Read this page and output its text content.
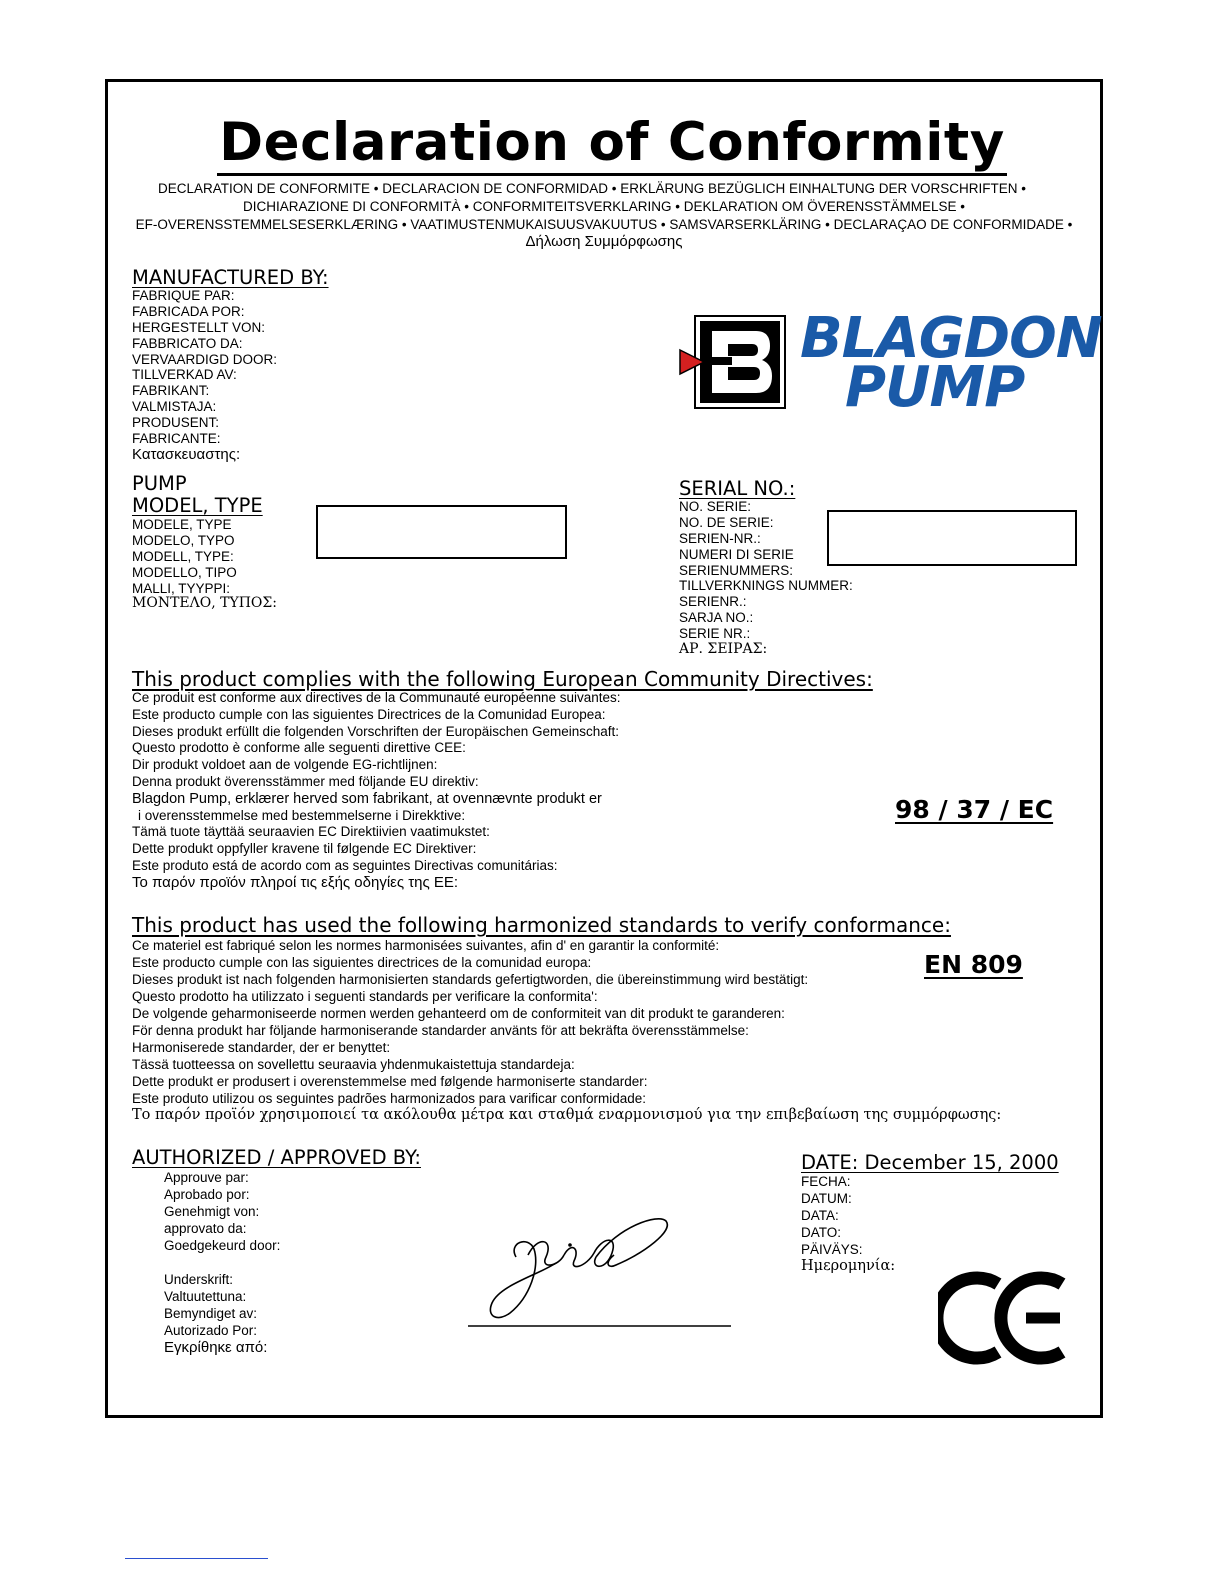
Declaration of Conformity
DECLARATION DE CONFORMITE • DECLARACION DE CONFORMIDAD • ERKLÄRUNG BEZÜGLICH EINHALTUNG DER VORSCHRIFTEN •
DICHIARAZIONE DI CONFORMITÀ • CONFORMITEITSVERKLARING • DEKLARATION OM ÖVERENSSTÄMMELSE •
EF-OVERENSSTEMMELSESERKLÆRING • VAATIMUSTENMUKAISUUSVAKUUTUS • SAMSVARSERKLÄRING • DECLARAÇAO DE CONFORMIDADE •
Δήλωση Συμμόρφωσης
MANUFACTURED BY:
FABRIQUE PAR:
FABRICADA POR:
HERGESTELLT VON:
FABBRICATO DA:
VERVAARDIGD DOOR:
TILLVERKAD AV:
FABRIKANT:
VALMISTAJA:
PRODUSENT:
FABRICANTE:
Κατασκευαστης:
BLAGDON
PUMP
PUMP
MODEL, TYPE
MODELE, TYPE
MODELO, TYPO
MODELL, TYPE:
MODELLO, TIPO
MALLI, TYYPPI:
ΜΟΝΤΕΛΟ, ΤΥΠΟΣ:
SERIAL NO.:
NO. SERIE:
NO. DE SERIE:
SERIEN-NR.:
NUMERI DI SERIE
SERIENUMMERS:
TILLVERKNINGS NUMMER:
SERIENR.:
SARJA NO.:
SERIE NR.:
ΑΡ. ΣΕΙΡΑΣ:
This product complies with the following European Community Directives:
Ce produit est conforme aux directives de la Communauté européenne suivantes:
Este producto cumple con las siguientes Directrices de la Comunidad Europea:
Dieses produkt erfüllt die folgenden Vorschriften der Europäischen Gemeinschaft:
Questo prodotto è conforme alle seguenti direttive CEE:
Dir produkt voldoet aan de volgende EG-richtlijnen:
Denna produkt överensstämmer med följande EU direktiv:
Blagdon Pump, erklærer herved som fabrikant, at ovennævnte produkt er
i overensstemmelse med bestemmelserne i Direkktive:
Tämä tuote täyttää seuraavien EC Direktiivien vaatimukstet:
Dette produkt oppfyller kravene til følgende EC Direktiver:
Este produto está de acordo com as seguintes Directivas comunitárias:
Το παρόν προϊόν πληροί τις εξής οδηγίες της ΕΕ:
98 / 37 / EC
This product has used the following harmonized standards to verify conformance:
Ce materiel est fabriqué selon les normes harmonisées suivantes, afin d' en garantir la conformité:
Este producto cumple con las siguientes directrices de la comunidad europa:
Dieses produkt ist nach folgenden harmonisierten standards gefertigtworden, die übereinstimmung wird bestätigt:
Questo prodotto ha utilizzato i seguenti standards per verificare la conformita':
De volgende geharmoniseerde normen werden gehanteerd om de conformiteit van dit produkt te garanderen:
För denna produkt har följande harmoniserande standarder använts för att bekräfta överensstämmelse:
Harmoniserede standarder, der er benyttet:
Tässä tuotteessa on sovellettu seuraavia yhdenmukaistettuja standardeja:
Dette produkt er produsert i overenstemmelse med følgende harmoniserte standarder:
Este produto utilizou os seguintes padrões harmonizados para varificar conformidade:
Το παρόν προϊόν χρησιμοποιεί τα ακόλουθα μέτρα και σταθμά εναρμονισμού για την επιβεβαίωση της συμμόρφωσης:
EN 809
AUTHORIZED / APPROVED BY:
Approuve par:
Aprobado por:
Genehmigt von:
approvato da:
Goedgekeurd door:
Underskrift:
Valtuutettuna:
Bemyndiget av:
Autorizado Por:
Εγκρίθηκε από:
DATE: December 15, 2000
FECHA:
DATUM:
DATA:
DATO:
PÄIVÄYS:
Ημερομηνία:
